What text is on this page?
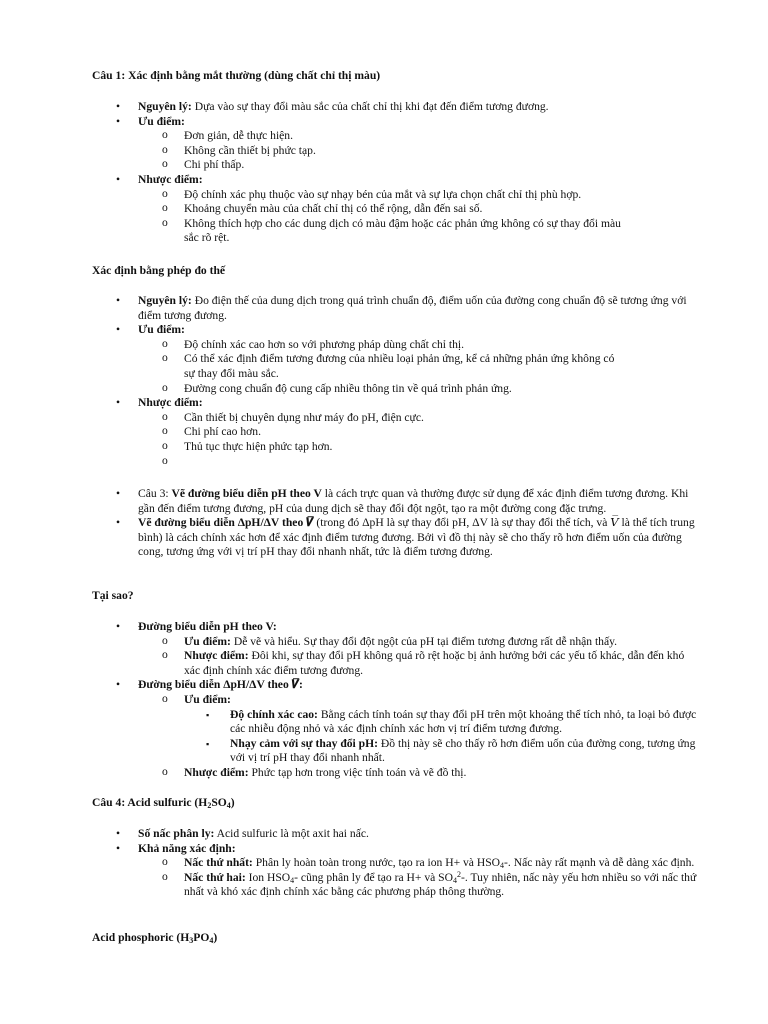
Câu 1: Xác định bằng mắt thường (dùng chất chỉ thị màu)
• Nguyên lý: Dựa vào sự thay đổi màu sắc của chất chỉ thị khi đạt đến điểm tương đương.
• Ưu điểm:
o Đơn giản, dễ thực hiện.
o Không cần thiết bị phức tạp.
o Chi phí thấp.
• Nhược điểm:
o Độ chính xác phụ thuộc vào sự nhạy bén của mắt và sự lựa chọn chất chỉ thị phù hợp.
o Khoảng chuyển màu của chất chỉ thị có thể rộng, dẫn đến sai số.
o Không thích hợp cho các dung dịch có màu đậm hoặc các phản ứng không có sự thay đổi màu sắc rõ rệt.
Xác định bằng phép đo thế
• Nguyên lý: Đo điện thế của dung dịch trong quá trình chuẩn độ, điểm uốn của đường cong chuẩn độ sẽ tương ứng với điểm tương đương.
• Ưu điểm:
o Độ chính xác cao hơn so với phương pháp dùng chất chỉ thị.
o Có thể xác định điểm tương đương của nhiều loại phản ứng, kể cả những phản ứng không có sự thay đổi màu sắc.
o Đường cong chuẩn độ cung cấp nhiều thông tin về quá trình phản ứng.
• Nhược điểm:
o Cần thiết bị chuyên dụng như máy đo pH, điện cực.
o Chi phí cao hơn.
o Thủ tục thực hiện phức tạp hơn.
o
• Câu 3: Vẽ đường biểu diễn pH theo V là cách trực quan và thường được sử dụng để xác định điểm tương đương. Khi gần đến điểm tương đương, pH của dung dịch sẽ thay đổi đột ngột, tạo ra một đường cong đặc trưng.
• Vẽ đường biểu diễn ΔpH/ΔV theo 𝑽̅ (trong đó ΔpH là sự thay đổi pH, ΔV là sự thay đổi thể tích, và 𝑉̅ là thể tích trung bình) là cách chính xác hơn để xác định điểm tương đương. Bởi vì đồ thị này sẽ cho thấy rõ hơn điểm uốn của đường cong, tương ứng với vị trí pH thay đổi nhanh nhất, tức là điểm tương đương.
Tại sao?
• Đường biểu diễn pH theo V:
o Ưu điểm: Dễ vẽ và hiểu. Sự thay đổi đột ngột của pH tại điểm tương đương rất dễ nhận thấy.
o Nhược điểm: Đôi khi, sự thay đổi pH không quá rõ rệt hoặc bị ảnh hưởng bởi các yếu tố khác, dẫn đến khó xác định chính xác điểm tương đương.
• Đường biểu diễn ΔpH/ΔV theo 𝑽̅:
o Ưu điểm:
▪ Độ chính xác cao: Bằng cách tính toán sự thay đổi pH trên một khoảng thể tích nhỏ, ta loại bỏ được các nhiễu động nhỏ và xác định chính xác hơn vị trí điểm tương đương.
▪ Nhạy cảm với sự thay đổi pH: Đồ thị này sẽ cho thấy rõ hơn điểm uốn của đường cong, tương ứng với vị trí pH thay đổi nhanh nhất.
o Nhược điểm: Phức tạp hơn trong việc tính toán và vẽ đồ thị.
Câu 4: Acid sulfuric $(H_2SO_4)$
• Số nấc phân ly: Acid sulfuric là một axit hai nấc.
• Khả năng xác định:
o Nấc thứ nhất: Phân ly hoàn toàn trong nước, tạo ra ion H+ và $HSO_4-$. Nấc này rất mạnh và dễ dàng xác định.
o Nấc thứ hai: Ion $HSO_4-$ cũng phân ly để tạo ra H+ và $SO_4^2-$. Tuy nhiên, nấc này yếu hơn nhiều so với nấc thứ nhất và khó xác định chính xác bằng các phương pháp thông thường.
Acid phosphoric $(H_3PO_4)$
